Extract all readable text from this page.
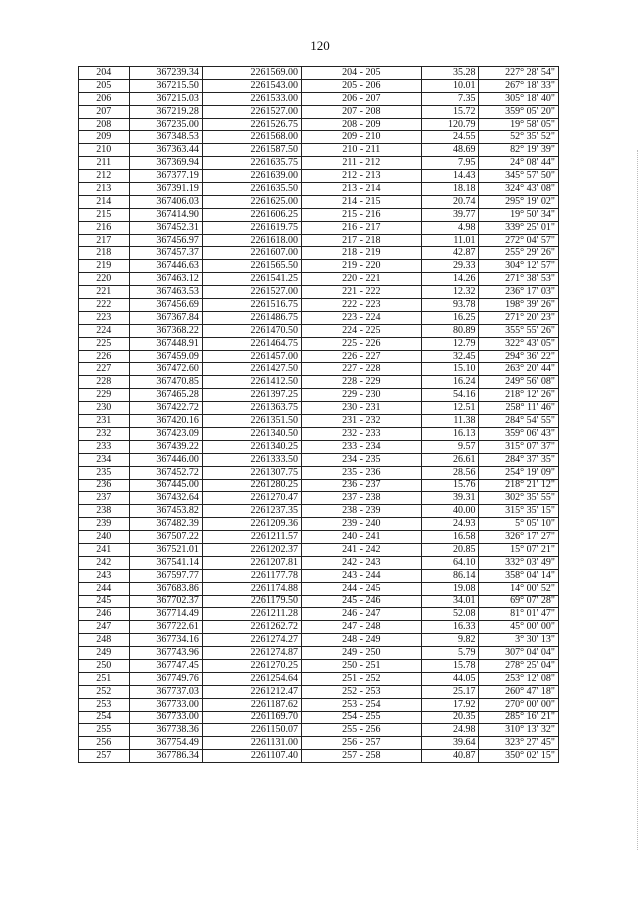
120
204	367239.34	2261569.00	204 - 205	35.28	227° 28' 54"
205	367215.50	2261543.00	205 - 206	10.01	267° 18' 33"
206	367215.03	2261533.00	206 - 207	7.35	305° 18' 40"
207	367219.28	2261527.00	207 - 208	15.72	359° 05' 20"
208	367235.00	2261526.75	208 - 209	120.79	19° 58' 05"
209	367348.53	2261568.00	209 - 210	24.55	52° 35' 52"
210	367363.44	2261587.50	210 - 211	48.69	82° 19' 39"
211	367369.94	2261635.75	211 - 212	7.95	24° 08' 44"
212	367377.19	2261639.00	212 - 213	14.43	345° 57' 50"
213	367391.19	2261635.50	213 - 214	18.18	324° 43' 08"
214	367406.03	2261625.00	214 - 215	20.74	295° 19' 02"
215	367414.90	2261606.25	215 - 216	39.77	19° 50' 34"
216	367452.31	2261619.75	216 - 217	4.98	339° 25' 01"
217	367456.97	2261618.00	217 - 218	11.01	272° 04' 57"
218	367457.37	2261607.00	218 - 219	42.87	255° 29' 26"
219	367446.63	2261565.50	219 - 220	29.33	304° 12' 57"
220	367463.12	2261541.25	220 - 221	14.26	271° 38' 53"
221	367463.53	2261527.00	221 - 222	12.32	236° 17' 03"
222	367456.69	2261516.75	222 - 223	93.78	198° 39' 26"
223	367367.84	2261486.75	223 - 224	16.25	271° 20' 23"
224	367368.22	2261470.50	224 - 225	80.89	355° 55' 26"
225	367448.91	2261464.75	225 - 226	12.79	322° 43' 05"
226	367459.09	2261457.00	226 - 227	32.45	294° 36' 22"
227	367472.60	2261427.50	227 - 228	15.10	263° 20' 44"
228	367470.85	2261412.50	228 - 229	16.24	249° 56' 08"
229	367465.28	2261397.25	229 - 230	54.16	218° 12' 26"
230	367422.72	2261363.75	230 - 231	12.51	258° 11' 46"
231	367420.16	2261351.50	231 - 232	11.38	284° 54' 55"
232	367423.09	2261340.50	232 - 233	16.13	359° 06' 43"
233	367439.22	2261340.25	233 - 234	9.57	315° 07' 37"
234	367446.00	2261333.50	234 - 235	26.61	284° 37' 35"
235	367452.72	2261307.75	235 - 236	28.56	254° 19' 09"
236	367445.00	2261280.25	236 - 237	15.76	218° 21' 12"
237	367432.64	2261270.47	237 - 238	39.31	302° 35' 55"
238	367453.82	2261237.35	238 - 239	40.00	315° 35' 15"
239	367482.39	2261209.36	239 - 240	24.93	5° 05' 10"
240	367507.22	2261211.57	240 - 241	16.58	326° 17' 27"
241	367521.01	2261202.37	241 - 242	20.85	15° 07' 21"
242	367541.14	2261207.81	242 - 243	64.10	332° 03' 49"
243	367597.77	2261177.78	243 - 244	86.14	358° 04' 14"
244	367683.86	2261174.88	244 - 245	19.08	14° 00' 52"
245	367702.37	2261179.50	245 - 246	34.01	69° 07' 28"
246	367714.49	2261211.28	246 - 247	52.08	81° 01' 47"
247	367722.61	2261262.72	247 - 248	16.33	45° 00' 00"
248	367734.16	2261274.27	248 - 249	9.82	3° 30' 13"
249	367743.96	2261274.87	249 - 250	5.79	307° 04' 04"
250	367747.45	2261270.25	250 - 251	15.78	278° 25' 04"
251	367749.76	2261254.64	251 - 252	44.05	253° 12' 08"
252	367737.03	2261212.47	252 - 253	25.17	260° 47' 18"
253	367733.00	2261187.62	253 - 254	17.92	270° 00' 00"
254	367733.00	2261169.70	254 - 255	20.35	285° 16' 21"
255	367738.36	2261150.07	255 - 256	24.98	310° 13' 32"
256	367754.49	2261131.00	256 - 257	39.64	323° 27' 45"
257	367786.34	2261107.40	257 - 258	40.87	350° 02' 15"
